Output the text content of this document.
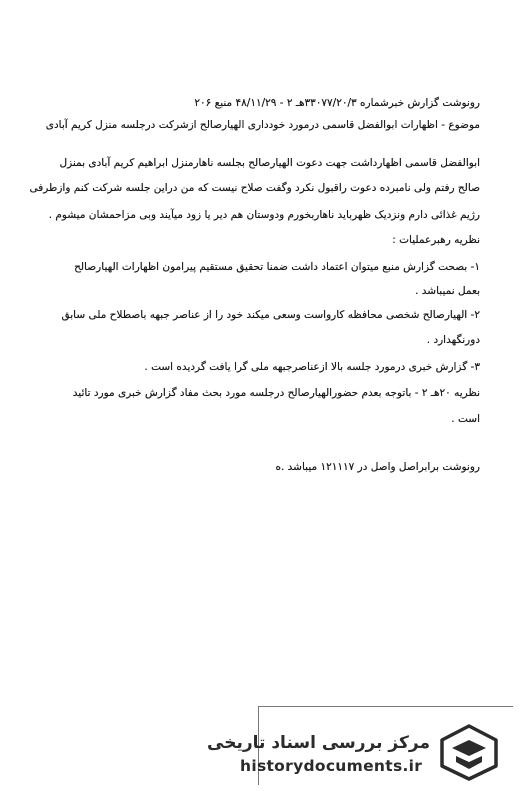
رونوشت گزارش خبرشماره ۳۳۰۷۷/۲۰/۳هـ‍ ۲ - ۴۸/۱۱/۲۹ منبع ۲۰۶
موضوع - اظهارات ابوالفضل قاسمی درمورد خودداری الهیارصالح ازشرکت درجلسه منزل کریم آبادی
ابوالفضل قاسمی اظهارداشت جهت دعوت الهیارصالح بجلسه ناهارمنزل ابراهیم کریم آبادی بمنزل
صالح رفتم ولی نامبرده دعوت راقبول نکرد وگفت صلاح نیست که من دراین جلسه شرکت کنم وازطرفی
رژیم غذائی دارم ونزدیک ظهرباید ناهاربخورم ودوستان هم دیر یا زود میآیند وبی مزاحمشان میشوم .
نظریه رهبرعملیات :
۱- بصحت گزارش منبع میتوان اعتماد داشت ضمنا تحقیق مستقیم پیرامون اظهارات الهیارصالح
بعمل نمیباشد .
۲- الهیارصالح شخصی محافظه کارواست وسعی میکند خود را از عناصر جبهه باصطلاح ملی سابق
دورنگهدارد .
۳- گزارش خبری درمورد جلسه بالا ازعناصرجبهه ملی گرا یافت گردیده است .
نظریه ۲۰هـ‍ ۲ - باتوجه بعدم حضورالهیارصالح درجلسه مورد بحث مفاد گزارش خبری مورد تائید
است .
رونوشت برابراصل واصل در ۱۲۱۱۱۷ میباشد .ه
مرکز بررسی اسناد تاریخی
historydocuments.ir
